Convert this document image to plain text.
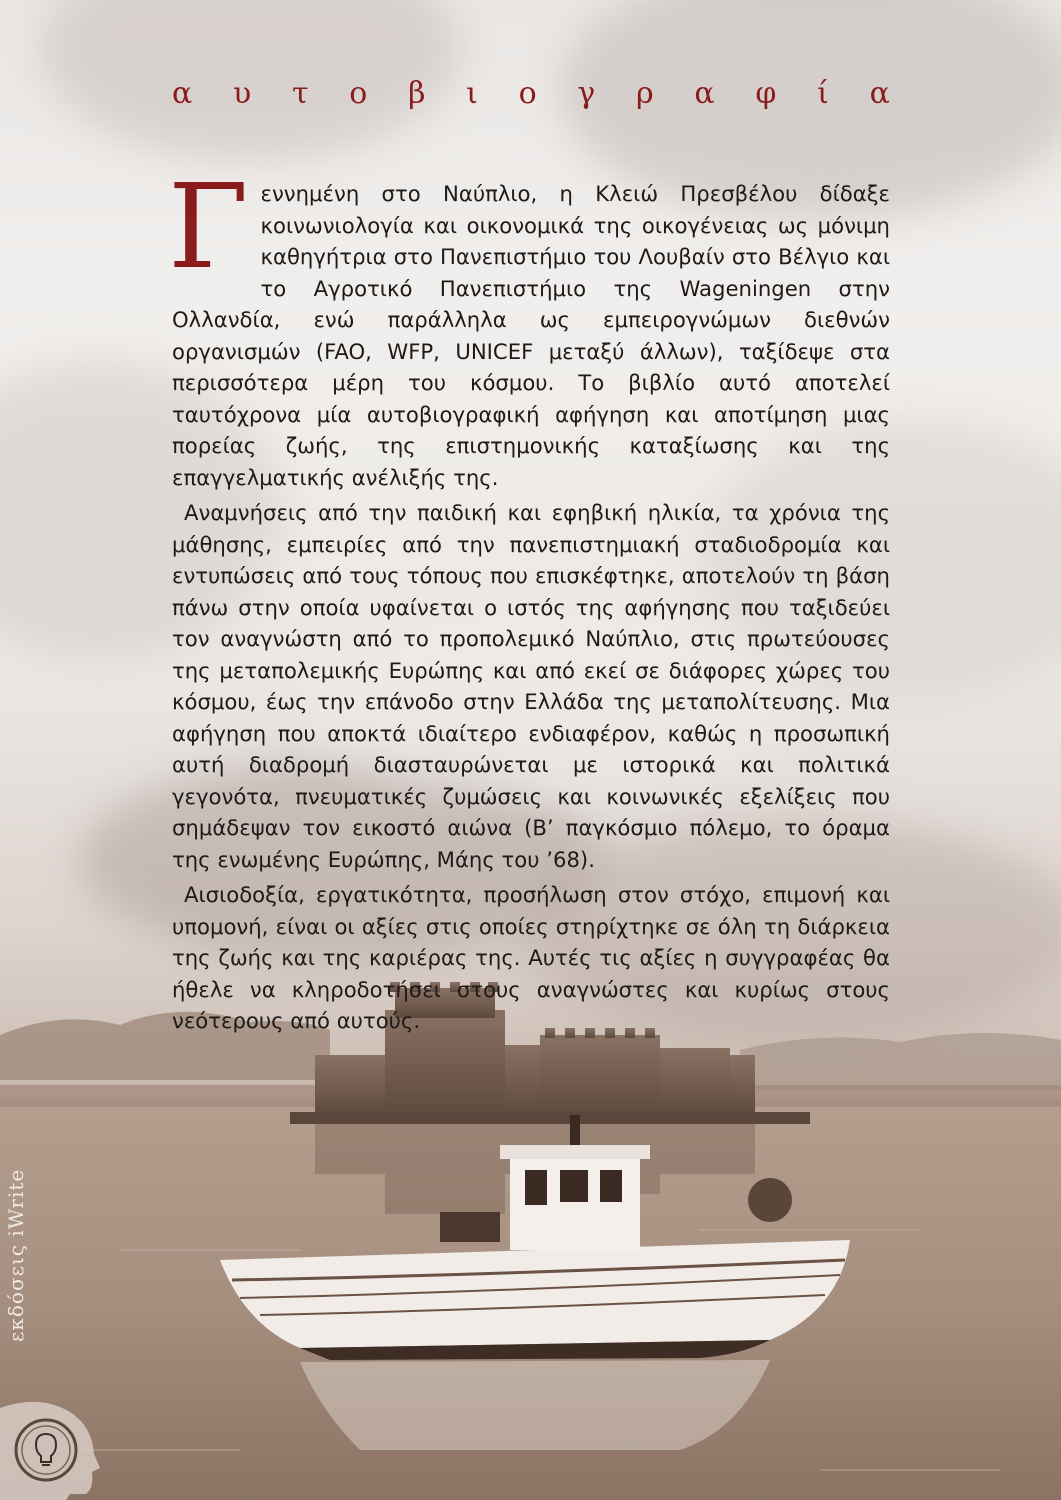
α υ τ ο β ι ο γ ρ α φ ί α

Γεννημένη στο Ναύπλιο, η Κλειώ Πρεσβέλου δίδαξε κοινωνιολογία και οικονομικά της οικογένειας ως μόνιμη καθηγήτρια στο Πανεπιστήμιο του Λουβαίν στο Βέλγιο και το Αγροτικό Πανεπιστήμιο της Wageningen στην Ολλανδία, ενώ παράλληλα ως εμπειρογνώμων διεθνών οργανισμών (FAO, WFP, UNICEF μεταξύ άλλων), ταξίδεψε στα περισσότερα μέρη του κόσμου. Το βιβλίο αυτό αποτελεί ταυτόχρονα μία αυτοβιογραφική αφήγηση και αποτίμηση μιας πορείας ζωής, της επιστημονικής καταξίωσης και της επαγγελματικής ανέλιξής της.

Αναμνήσεις από την παιδική και εφηβική ηλικία, τα χρόνια της μάθησης, εμπειρίες από την πανεπιστημιακή σταδιοδρομία και εντυπώσεις από τους τόπους που επισκέφτηκε, αποτελούν τη βάση πάνω στην οποία υφαίνεται ο ιστός της αφήγησης που ταξιδεύει τον αναγνώστη από το προπολεμικό Ναύπλιο, στις πρωτεύουσες της μεταπολεμικής Ευρώπης και από εκεί σε διάφορες χώρες του κόσμου, έως την επάνοδο στην Ελλάδα της μεταπολίτευσης. Μια αφήγηση που αποκτά ιδιαίτερο ενδιαφέρον, καθώς η προσωπική αυτή διαδρομή διασταυρώνεται με ιστορικά και πολιτικά γεγονότα, πνευματικές ζυμώσεις και κοινωνικές εξελίξεις που σημάδεψαν τον εικοστό αιώνα (Β’ παγκόσμιο πόλεμο, το όραμα της ενωμένης Ευρώπης, Μάης του ’68).

Αισιοδοξία, εργατικότητα, προσήλωση στον στόχο, επιμονή και υπομονή, είναι οι αξίες στις οποίες στηρίχτηκε σε όλη τη διάρκεια της ζωής και της καριέρας της. Αυτές τις αξίες η συγγραφέας θα ήθελε να κληροδοτήσει στους αναγνώστες και κυρίως στους νεότερους από αυτούς.

εκδόσεις iWrite
